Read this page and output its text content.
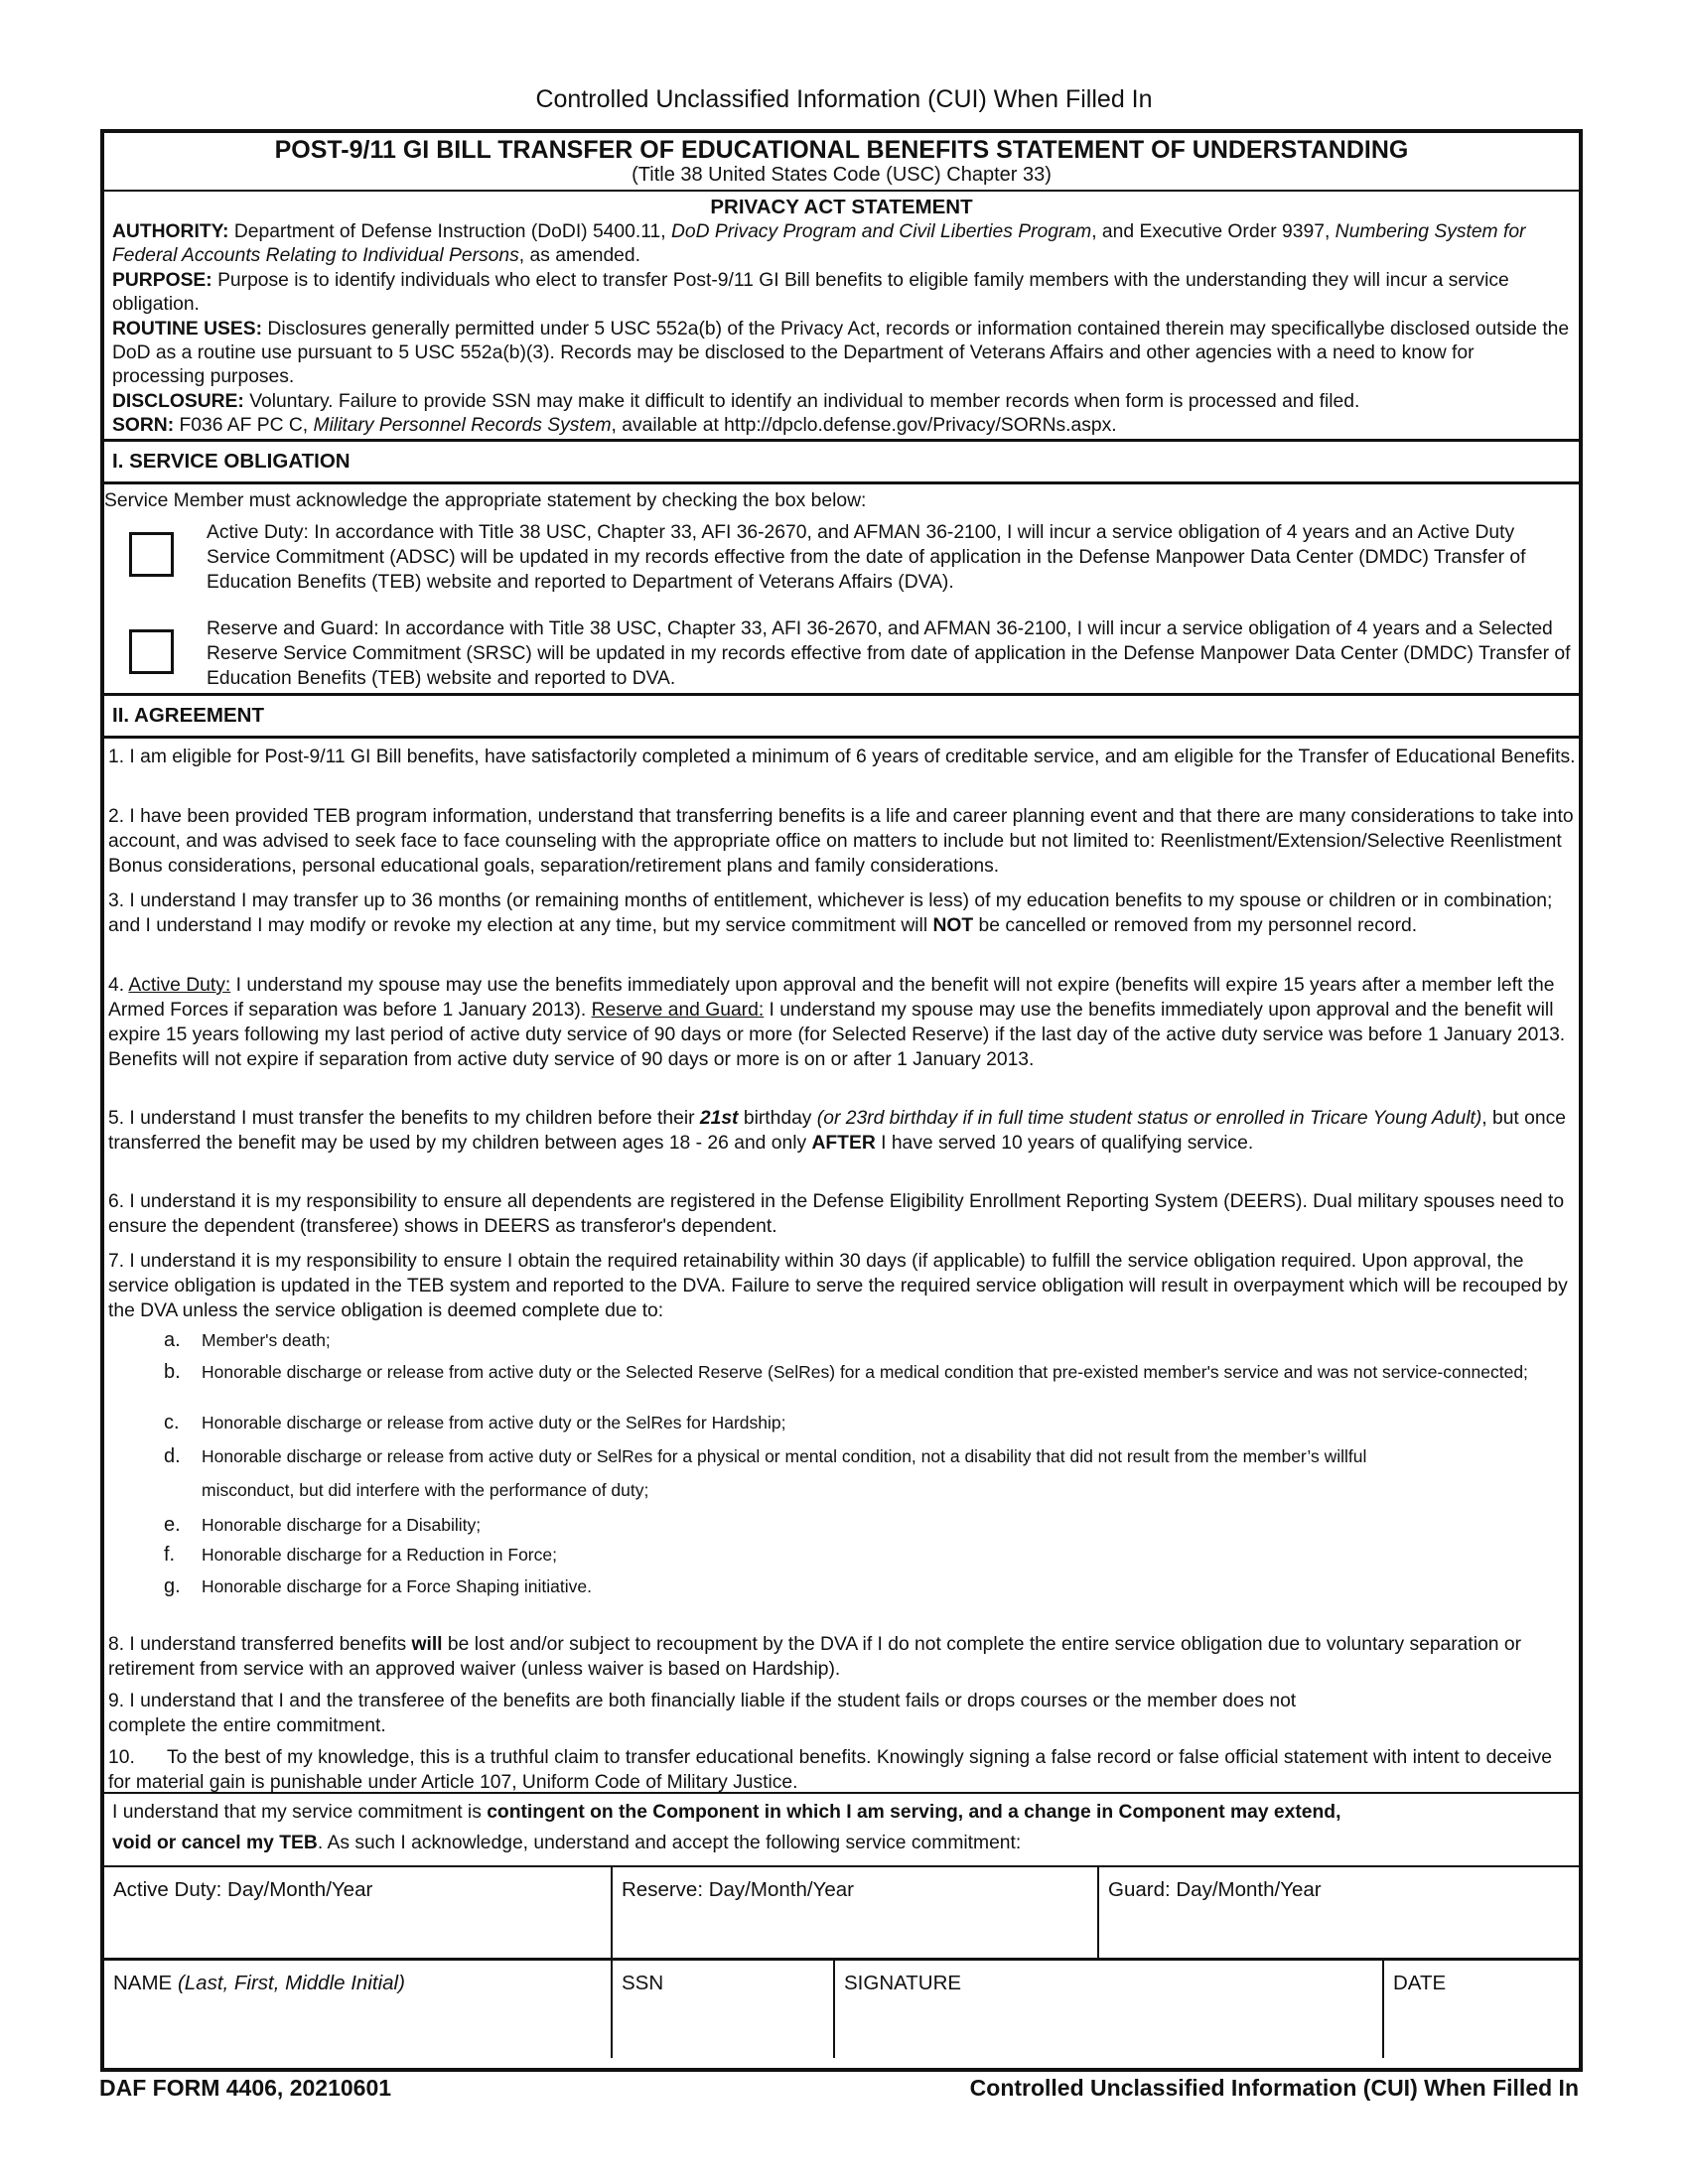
Controlled Unclassified Information (CUI) When Filled In
POST-9/11 GI BILL TRANSFER OF EDUCATIONAL BENEFITS STATEMENT OF UNDERSTANDING
(Title 38 United States Code (USC) Chapter 33)
PRIVACY ACT STATEMENT

AUTHORITY: Department of Defense Instruction (DoDI) 5400.11, DoD Privacy Program and Civil Liberties Program, and Executive Order 9397, Numbering System for Federal Accounts Relating to Individual Persons, as amended.

PURPOSE: Purpose is to identify individuals who elect to transfer Post-9/11 GI Bill benefits to eligible family members with the understanding they will incur a service obligation.

ROUTINE USES: Disclosures generally permitted under 5 USC 552a(b) of the Privacy Act, records or information contained therein may specificallybe disclosed outside the DoD as a routine use pursuant to 5 USC 552a(b)(3). Records may be disclosed to the Department of Veterans Affairs and other agencies with a need to know for processing purposes.

DISCLOSURE: Voluntary. Failure to provide SSN may make it difficult to identify an individual to member records when form is processed and filed.

SORN: F036 AF PC C, Military Personnel Records System, available at http://dpclo.defense.gov/Privacy/SORNs.aspx.

I. SERVICE OBLIGATION
Service Member must acknowledge the appropriate statement by checking the box below:
Active Duty: In accordance with Title 38 USC, Chapter 33, AFI 36-2670, and AFMAN 36-2100, I will incur a service obligation of 4 years and an Active Duty Service Commitment (ADSC) will be updated in my records effective from the date of application in the Defense Manpower Data Center (DMDC) Transfer of Education Benefits (TEB) website and reported to Department of Veterans Affairs (DVA).
Reserve and Guard: In accordance with Title 38 USC, Chapter 33, AFI 36-2670, and AFMAN 36-2100, I will incur a service obligation of 4 years and a Selected Reserve Service Commitment (SRSC) will be updated in my records effective from date of application in the Defense Manpower Data Center (DMDC) Transfer of Education Benefits (TEB) website and reported to DVA.
II. AGREEMENT
1. I am eligible for Post-9/11 GI Bill benefits, have satisfactorily completed a minimum of 6 years of creditable service, and am eligible for the Transfer of Educational Benefits.
2. I have been provided TEB program information, understand that transferring benefits is a life and career planning event and that there are many considerations to take into account, and was advised to seek face to face counseling with the appropriate office on matters to include but not limited to: Reenlistment/Extension/Selective Reenlistment Bonus considerations, personal educational goals, separation/retirement plans and family considerations.
3. I understand I may transfer up to 36 months (or remaining months of entitlement, whichever is less) of my education benefits to my spouse or children or in combination; and I understand I may modify or revoke my election at any time, but my service commitment will NOT be cancelled or removed from my personnel record.
4. Active Duty: I understand my spouse may use the benefits immediately upon approval and the benefit will not expire (benefits will expire 15 years after a member left the Armed Forces if separation was before 1 January 2013). Reserve and Guard: I understand my spouse may use the benefits immediately upon approval and the benefit will expire 15 years following my last period of active duty service of 90 days or more (for Selected Reserve) if the last day of the active duty service was before 1 January 2013. Benefits will not expire if separation from active duty service of 90 days or more is on or after 1 January 2013.
5. I understand I must transfer the benefits to my children before their 21st birthday (or 23rd birthday if in full time student status or enrolled in Tricare Young Adult), but once transferred the benefit may be used by my children between ages 18 - 26 and only AFTER I have served 10 years of qualifying service.
6. I understand it is my responsibility to ensure all dependents are registered in the Defense Eligibility Enrollment Reporting System (DEERS). Dual military spouses need to ensure the dependent (transferee) shows in DEERS as transferor's dependent.
7. I understand it is my responsibility to ensure I obtain the required retainability within 30 days (if applicable) to fulfill the service obligation required. Upon approval, the service obligation is updated in the TEB system and reported to the DVA. Failure to serve the required service obligation will result in overpayment which will be recouped by the DVA unless the service obligation is deemed complete due to:
a.	Member's death;
b.	Honorable discharge or release from active duty or the Selected Reserve (SelRes) for a medical condition that pre-existed member's service and was not service-connected;
c.	Honorable discharge or release from active duty or the SelRes for Hardship;
d.	Honorable discharge or release from active duty or SelRes for a physical or mental condition, not a disability that did not result from the member’s willful
misconduct, but did interfere with the performance of duty;
e.	Honorable discharge for a Disability;
f.	Honorable discharge for a Reduction in Force;
g.	Honorable discharge for a Force Shaping initiative.
8. I understand transferred benefits will be lost and/or subject to recoupment by the DVA if I do not complete the entire service obligation due to voluntary separation or retirement from service with an approved waiver (unless waiver is based on Hardship).

9. I understand that I and the transferee of the benefits are both financially liable if the student fails or drops courses or the member does not

complete the entire commitment.

10. To the best of my knowledge, this is a truthful claim to transfer educational benefits. Knowingly signing a false record or false official statement with intent to deceive for material gain is punishable under Article 107, Uniform Code of Military Justice.

I understand that my service commitment is contingent on the Component in which I am serving, and a change in Component may extend,

void or cancel my TEB. As such I acknowledge, understand and accept the following service commitment:

Active Duty: Day/Month/Year	Reserve: Day/Month/Year	Guard: Day/Month/Year
NAME (Last, First, Middle Initial)	SSN	SIGNATURE	DATE
DAF FORM 4406, 20210601	Controlled Unclassified Information (CUI) When Filled In
